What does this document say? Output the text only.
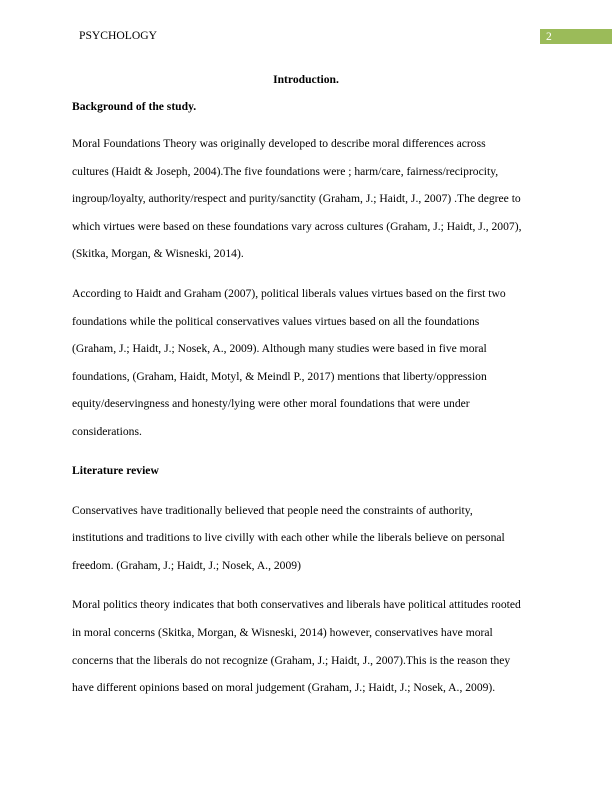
PSYCHOLOGY	2
Introduction.
Background of the study.
Moral Foundations Theory was originally developed to describe moral differences across
cultures (Haidt & Joseph, 2004).The five foundations were ; harm/care, fairness/reciprocity,
ingroup/loyalty, authority/respect and purity/sanctity (Graham, J.; Haidt, J., 2007) .The degree to
which virtues were based on these foundations vary across cultures (Graham, J.; Haidt, J., 2007),
(Skitka, Morgan, & Wisneski, 2014).
According to Haidt and Graham (2007), political liberals values virtues based on the first two
foundations while the political conservatives values virtues based on all the foundations
(Graham, J.; Haidt, J.; Nosek, A., 2009). Although many studies were based in five moral
foundations, (Graham, Haidt, Motyl, & Meindl P., 2017) mentions that liberty/oppression
equity/deservingness and honesty/lying were other moral foundations that were under
considerations.
Literature review
Conservatives have traditionally believed that people need the constraints of authority,
institutions and traditions to live civilly with each other while the liberals believe on personal
freedom. (Graham, J.; Haidt, J.; Nosek, A., 2009)
Moral politics theory indicates that both conservatives and liberals have political attitudes rooted
in moral concerns (Skitka, Morgan, & Wisneski, 2014) however, conservatives have moral
concerns that the liberals do not recognize (Graham, J.; Haidt, J., 2007).This is the reason they
have different opinions based on moral judgement (Graham, J.; Haidt, J.; Nosek, A., 2009).
